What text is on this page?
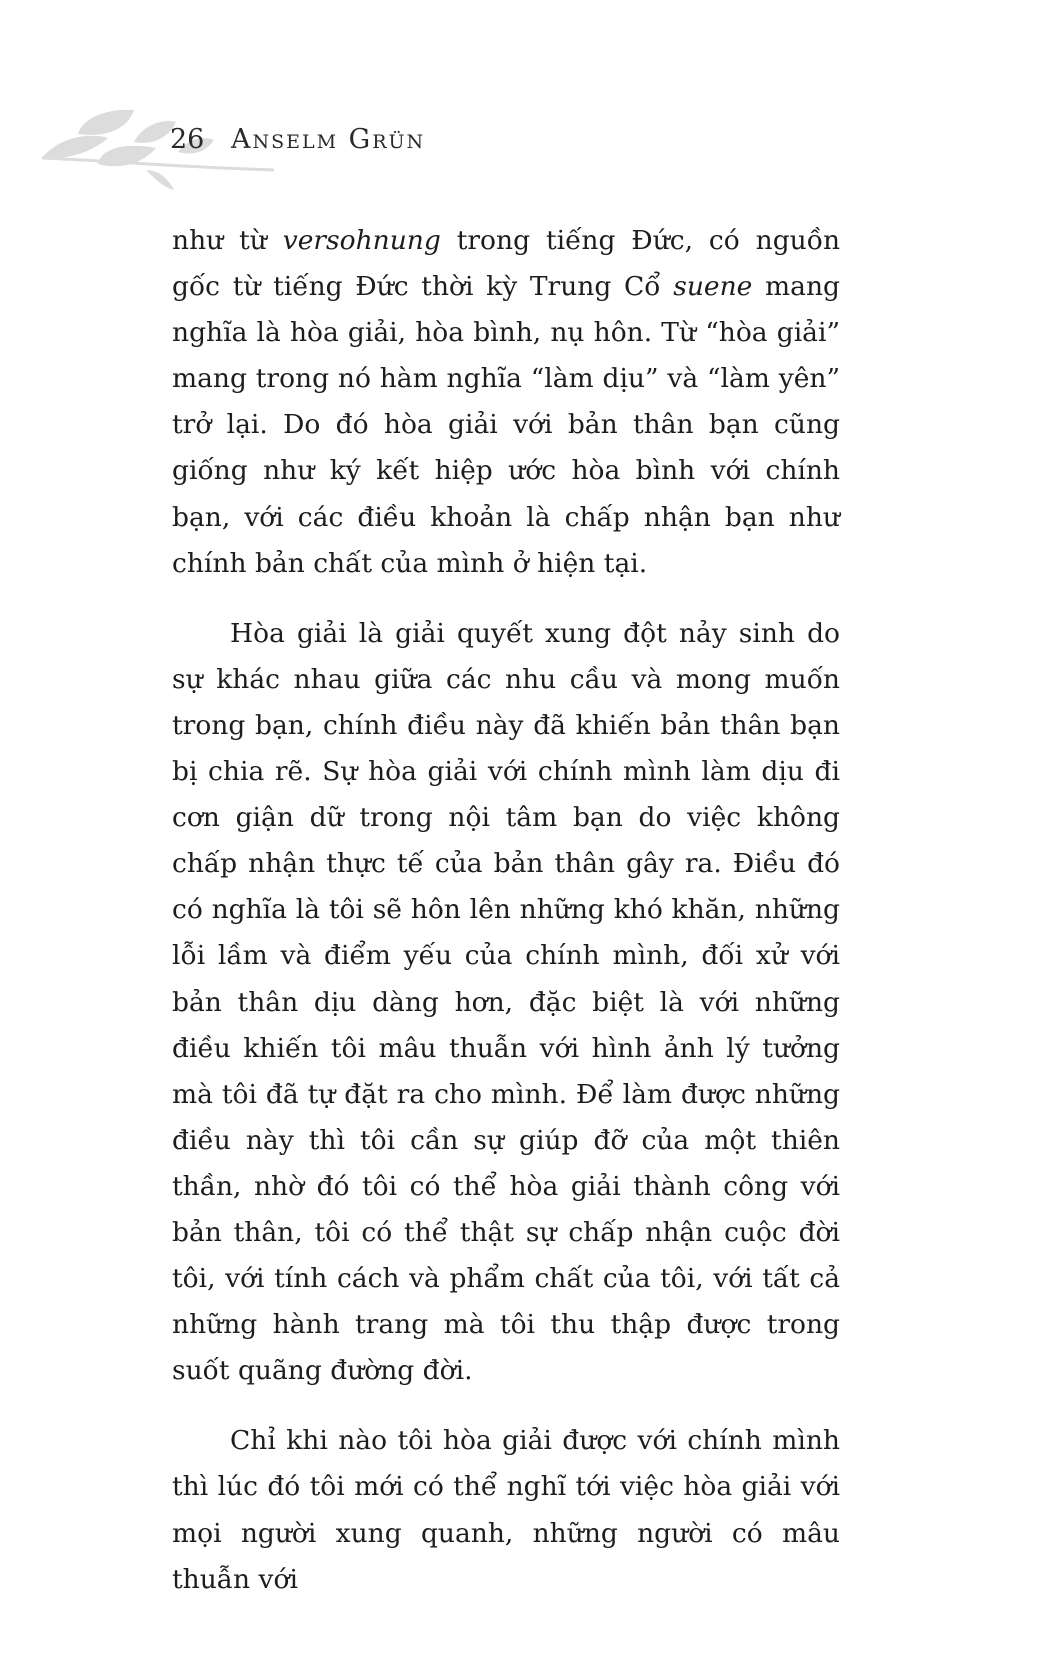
26 Anselm Grün

như từ versohnung trong tiếng Đức, có nguồn gốc từ tiếng Đức thời kỳ Trung Cổ suene mang nghĩa là hòa giải, hòa bình, nụ hôn. Từ “hòa giải” mang trong nó hàm nghĩa “làm dịu” và “làm yên” trở lại. Do đó hòa giải với bản thân bạn cũng giống như ký kết hiệp ước hòa bình với chính bạn, với các điều khoản là chấp nhận bạn như chính bản chất của mình ở hiện tại.

Hòa giải là giải quyết xung đột nảy sinh do sự khác nhau giữa các nhu cầu và mong muốn trong bạn, chính điều này đã khiến bản thân bạn bị chia rẽ. Sự hòa giải với chính mình làm dịu đi cơn giận dữ trong nội tâm bạn do việc không chấp nhận thực tế của bản thân gây ra. Điều đó có nghĩa là tôi sẽ hôn lên những khó khăn, những lỗi lầm và điểm yếu của chính mình, đối xử với bản thân dịu dàng hơn, đặc biệt là với những điều khiến tôi mâu thuẫn với hình ảnh lý tưởng mà tôi đã tự đặt ra cho mình. Để làm được những điều này thì tôi cần sự giúp đỡ của một thiên thần, nhờ đó tôi có thể hòa giải thành công với bản thân, tôi có thể thật sự chấp nhận cuộc đời tôi, với tính cách và phẩm chất của tôi, với tất cả những hành trang mà tôi thu thập được trong suốt quãng đường đời.

Chỉ khi nào tôi hòa giải được với chính mình thì lúc đó tôi mới có thể nghĩ tới việc hòa giải với mọi người xung quanh, những người có mâu thuẫn với
